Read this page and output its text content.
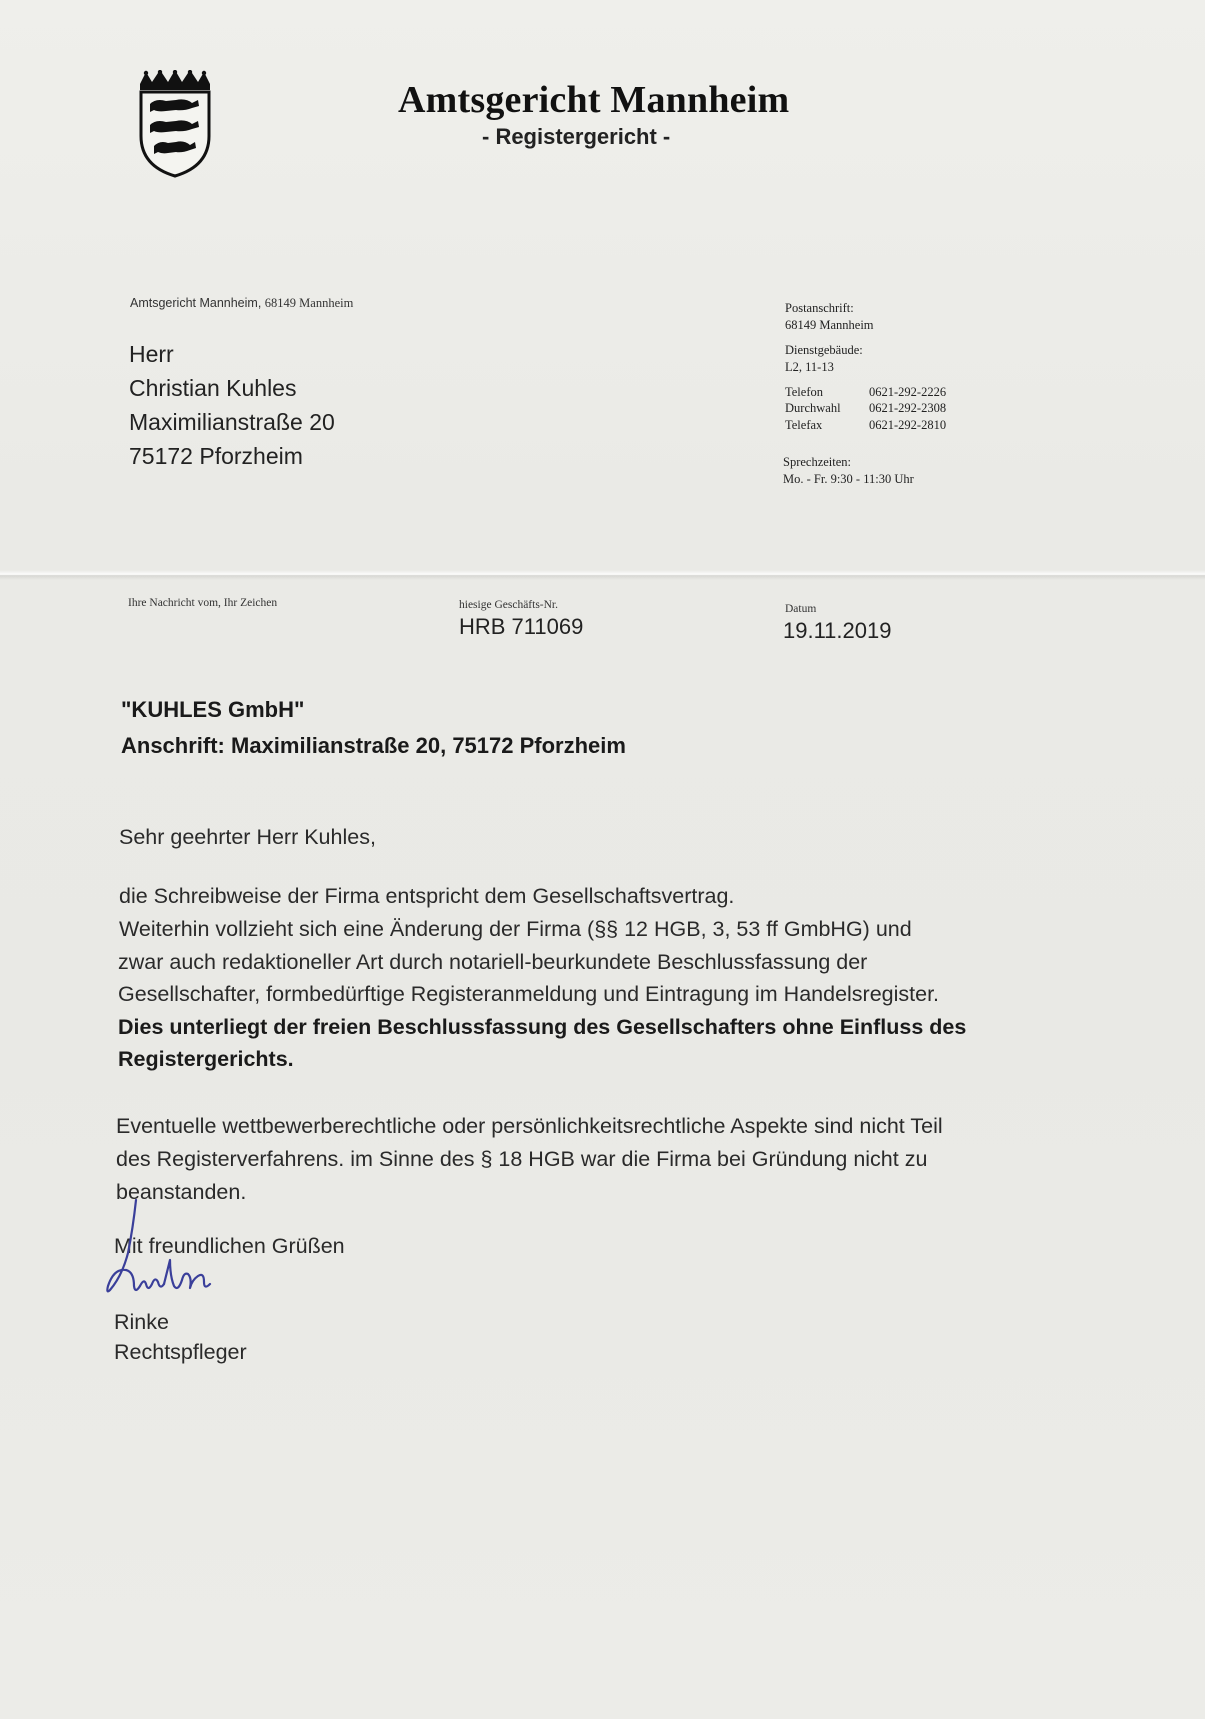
Amtsgericht Mannheim
- Registergericht -
Amtsgericht Mannheim, 68149 Mannheim
Herr
Christian Kuhles
Maximilianstraße 20
75172 Pforzheim
Postanschrift:
68149 Mannheim
Dienstgebäude:
L2, 11-13
Telefon	0621-292-2226
Durchwahl 0621-292-2308
Telefax	0621-292-2810
Sprechzeiten:
Mo. - Fr. 9:30 - 11:30 Uhr
Ihre Nachricht vom, Ihr Zeichen	hiesige Geschäfts-Nr.
HRB 711069
Datum
19.11.2019
"KUHLES GmbH"
Anschrift: Maximilianstraße 20, 75172 Pforzheim
Sehr geehrter Herr Kuhles,
die Schreibweise der Firma entspricht dem Gesellschaftsvertrag.
Weiterhin vollzieht sich eine Änderung der Firma (§§ 12 HGB, 3, 53 ff GmbHG) und
zwar auch redaktioneller Art durch notariell-beurkundete Beschlussfassung der
Gesellschafter, formbedürftige Registeranmeldung und Eintragung im Handelsregister.
Dies unterliegt der freien Beschlussfassung des Gesellschafters ohne Einfluss des
Registergerichts.
Eventuelle wettbewerberechtliche oder persönlichkeitsrechtliche Aspekte sind nicht Teil
des Registerverfahrens. im Sinne des § 18 HGB war die Firma bei Gründung nicht zu
beanstanden.
Mit freundlichen Grüßen
Rinke
Rechtspfleger
